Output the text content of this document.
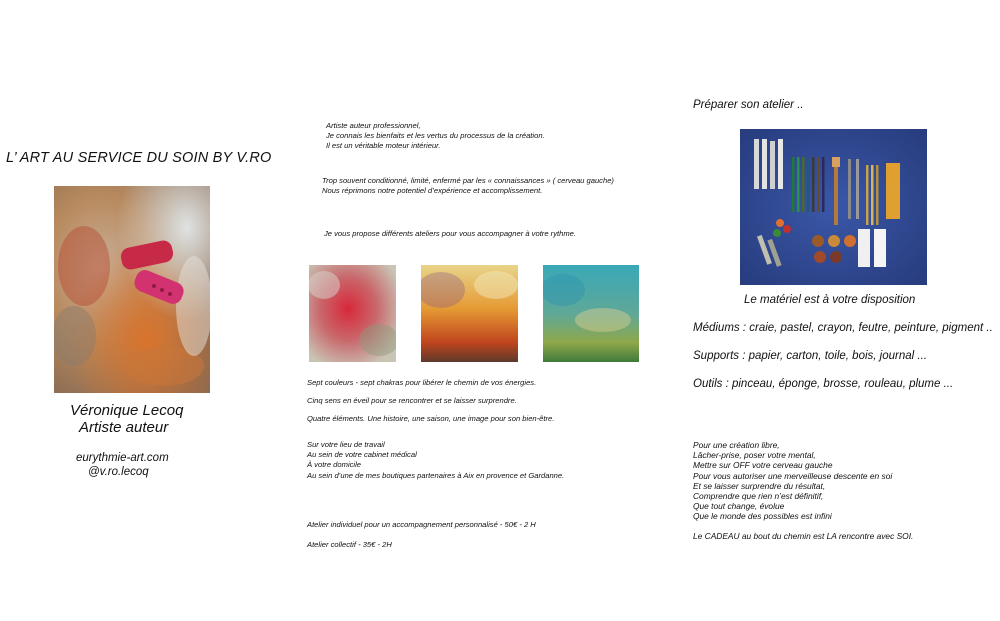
L’ ART AU SERVICE DU SOIN BY V.RO
Véronique Lecoq
Artiste auteur
eurythmie-art.com
@v.ro.lecoq
Artiste auteur professionnel,
Je connais les bienfaits et les vertus du processus de la création.
Il est un véritable moteur intérieur.
Trop souvent conditionné, limité, enfermé par les « connaissances » ( cerveau gauche)
Nous réprimons notre potentiel d’expérience et accomplissement.
Je vous propose différents ateliers pour vous accompagner à votre rythme.
Sept couleurs - sept chakras pour libérer le chemin de vos énergies.
Cinq sens en éveil pour se rencontrer et se laisser surprendre.
Quatre éléments. Une histoire, une saison, une image pour son bien-être.
Sur votre lieu de travail
Au sein de votre cabinet médical
À votre domicile
Au sein d’une de mes boutiques partenaires à Aix en provence et Gardanne.
Atelier individuel pour un accompagnement personnalisé - 50€ - 2 H
Atelier collectif - 35€ - 2H
Préparer son atelier ..
Le matériel est à votre disposition
Médiums : craie, pastel, crayon, feutre, peinture, pigment ..
Supports : papier, carton, toile, bois, journal ...
Outils : pinceau, éponge, brosse, rouleau, plume ...
Pour une création libre,
Lâcher-prise, poser votre mental,
Mettre sur OFF votre cerveau gauche
Pour vous autoriser une merveilleuse descente en soi
Et se laisser surprendre du résultat,
Comprendre que rien n’est définitif,
Que tout change, évolue
Que le monde des possibles est infini
Le CADEAU au bout du chemin est LA rencontre avec SOI.
